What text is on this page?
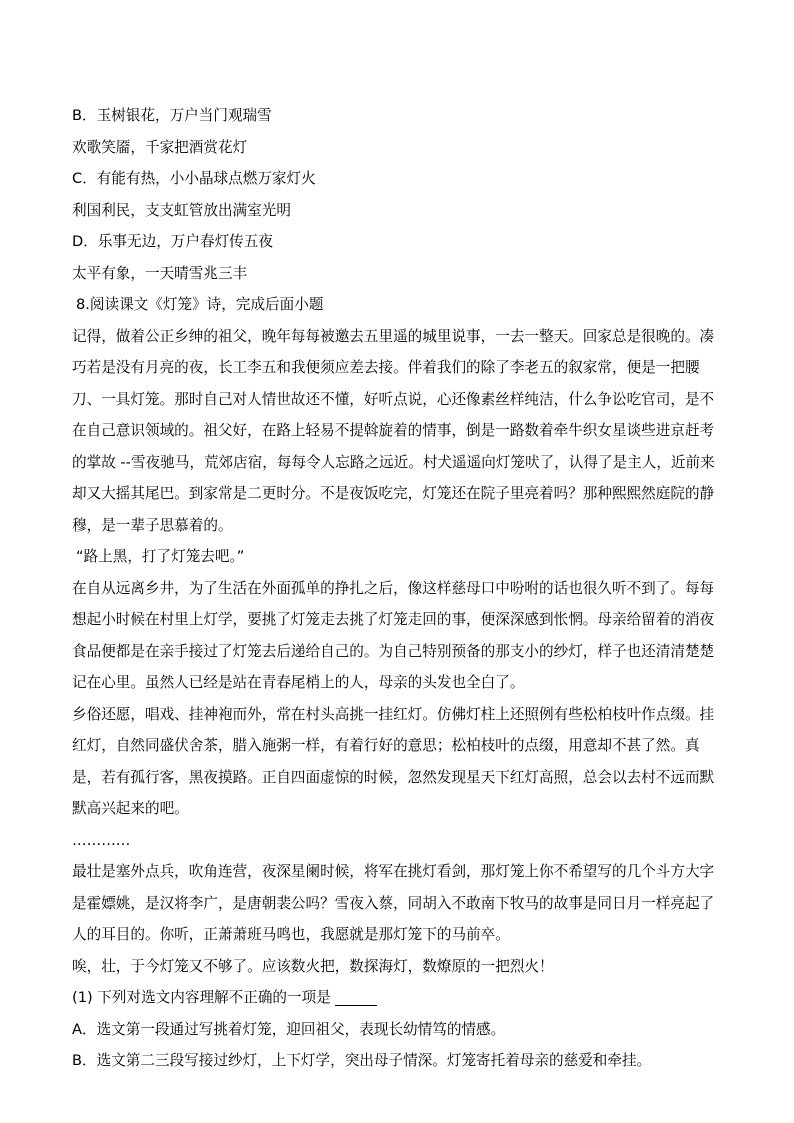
B．玉树银花，万户当门观瑞雪

欢歌笑靥，千家把酒赏花灯

C．有能有热，小小晶球点燃万家灯火

利国利民，支支虹管放出满室光明

D．乐事无边，万户春灯传五夜

太平有象，一天晴雪兆三丰

8.阅读课文《灯笼》诗，完成后面小题

记得，做着公正乡绅的祖父，晚年每每被邀去五里遥的城里说事，一去一整天。回家总是很晚的。凑巧若是没有月亮的夜，长工李五和我便须应差去接。伴着我们的除了李老五的叙家常，便是一把腰刀、一具灯笼。那时自己对人情世故还不懂，好听点说，心还像素丝样纯洁，什么争讼吃官司，是不在自己意识领域的。祖父好，在路上轻易不提斡旋着的情事，倒是一路数着牵牛织女星谈些进京赶考的掌故 --雪夜驰马，荒郊店宿，每每令人忘路之远近。村犬遥遥向灯笼吠了，认得了是主人，近前来却又大摇其尾巴。到家常是二更时分。不是夜饭吃完，灯笼还在院子里亮着吗？那种熙熙然庭院的静穆，是一辈子思慕着的。

“路上黑，打了灯笼去吧。”

在自从远离乡井，为了生活在外面孤单的挣扎之后，像这样慈母口中吩咐的话也很久听不到了。每每想起小时候在村里上灯学，要挑了灯笼走去挑了灯笼走回的事，便深深感到怅惘。母亲给留着的消夜食品便都是在亲手接过了灯笼去后递给自己的。为自己特别预备的那支小的纱灯，样子也还清清楚楚记在心里。虽然人已经是站在青春尾梢上的人，母亲的头发也全白了。

乡俗还愿，唱戏、挂神袍而外，常在村头高挑一挂红灯。仿佛灯柱上还照例有些松柏枝叶作点缀。挂红灯，自然同盛伏舍茶，腊入施粥一样，有着行好的意思；松柏枝叶的点缀，用意却不甚了然。真是，若有孤行客，黑夜摸路。正自四面虚惊的时候，忽然发现星天下红灯高照，总会以去村不远而默默高兴起来的吧。

…………

最壮是塞外点兵，吹角连营，夜深星阑时候，将军在挑灯看剑，那灯笼上你不希望写的几个斗方大字是霍嫖姚，是汉将李广，是唐朝裴公吗？雪夜入蔡，同胡入不敢南下牧马的故事是同日月一样亮起了人的耳目的。你听，正萧萧班马鸣也，我愿就是那灯笼下的马前卒。

唉，壮，于今灯笼又不够了。应该数火把，数探海灯，数燎原的一把烈火！

(1) 下列对选文内容理解不正确的一项是

A．选文第一段通过写挑着灯笼，迎回祖父，表现长幼情笃的情感。

B．选文第二三段写接过纱灯，上下灯学，突出母子情深。灯笼寄托着母亲的慈爱和牵挂。
